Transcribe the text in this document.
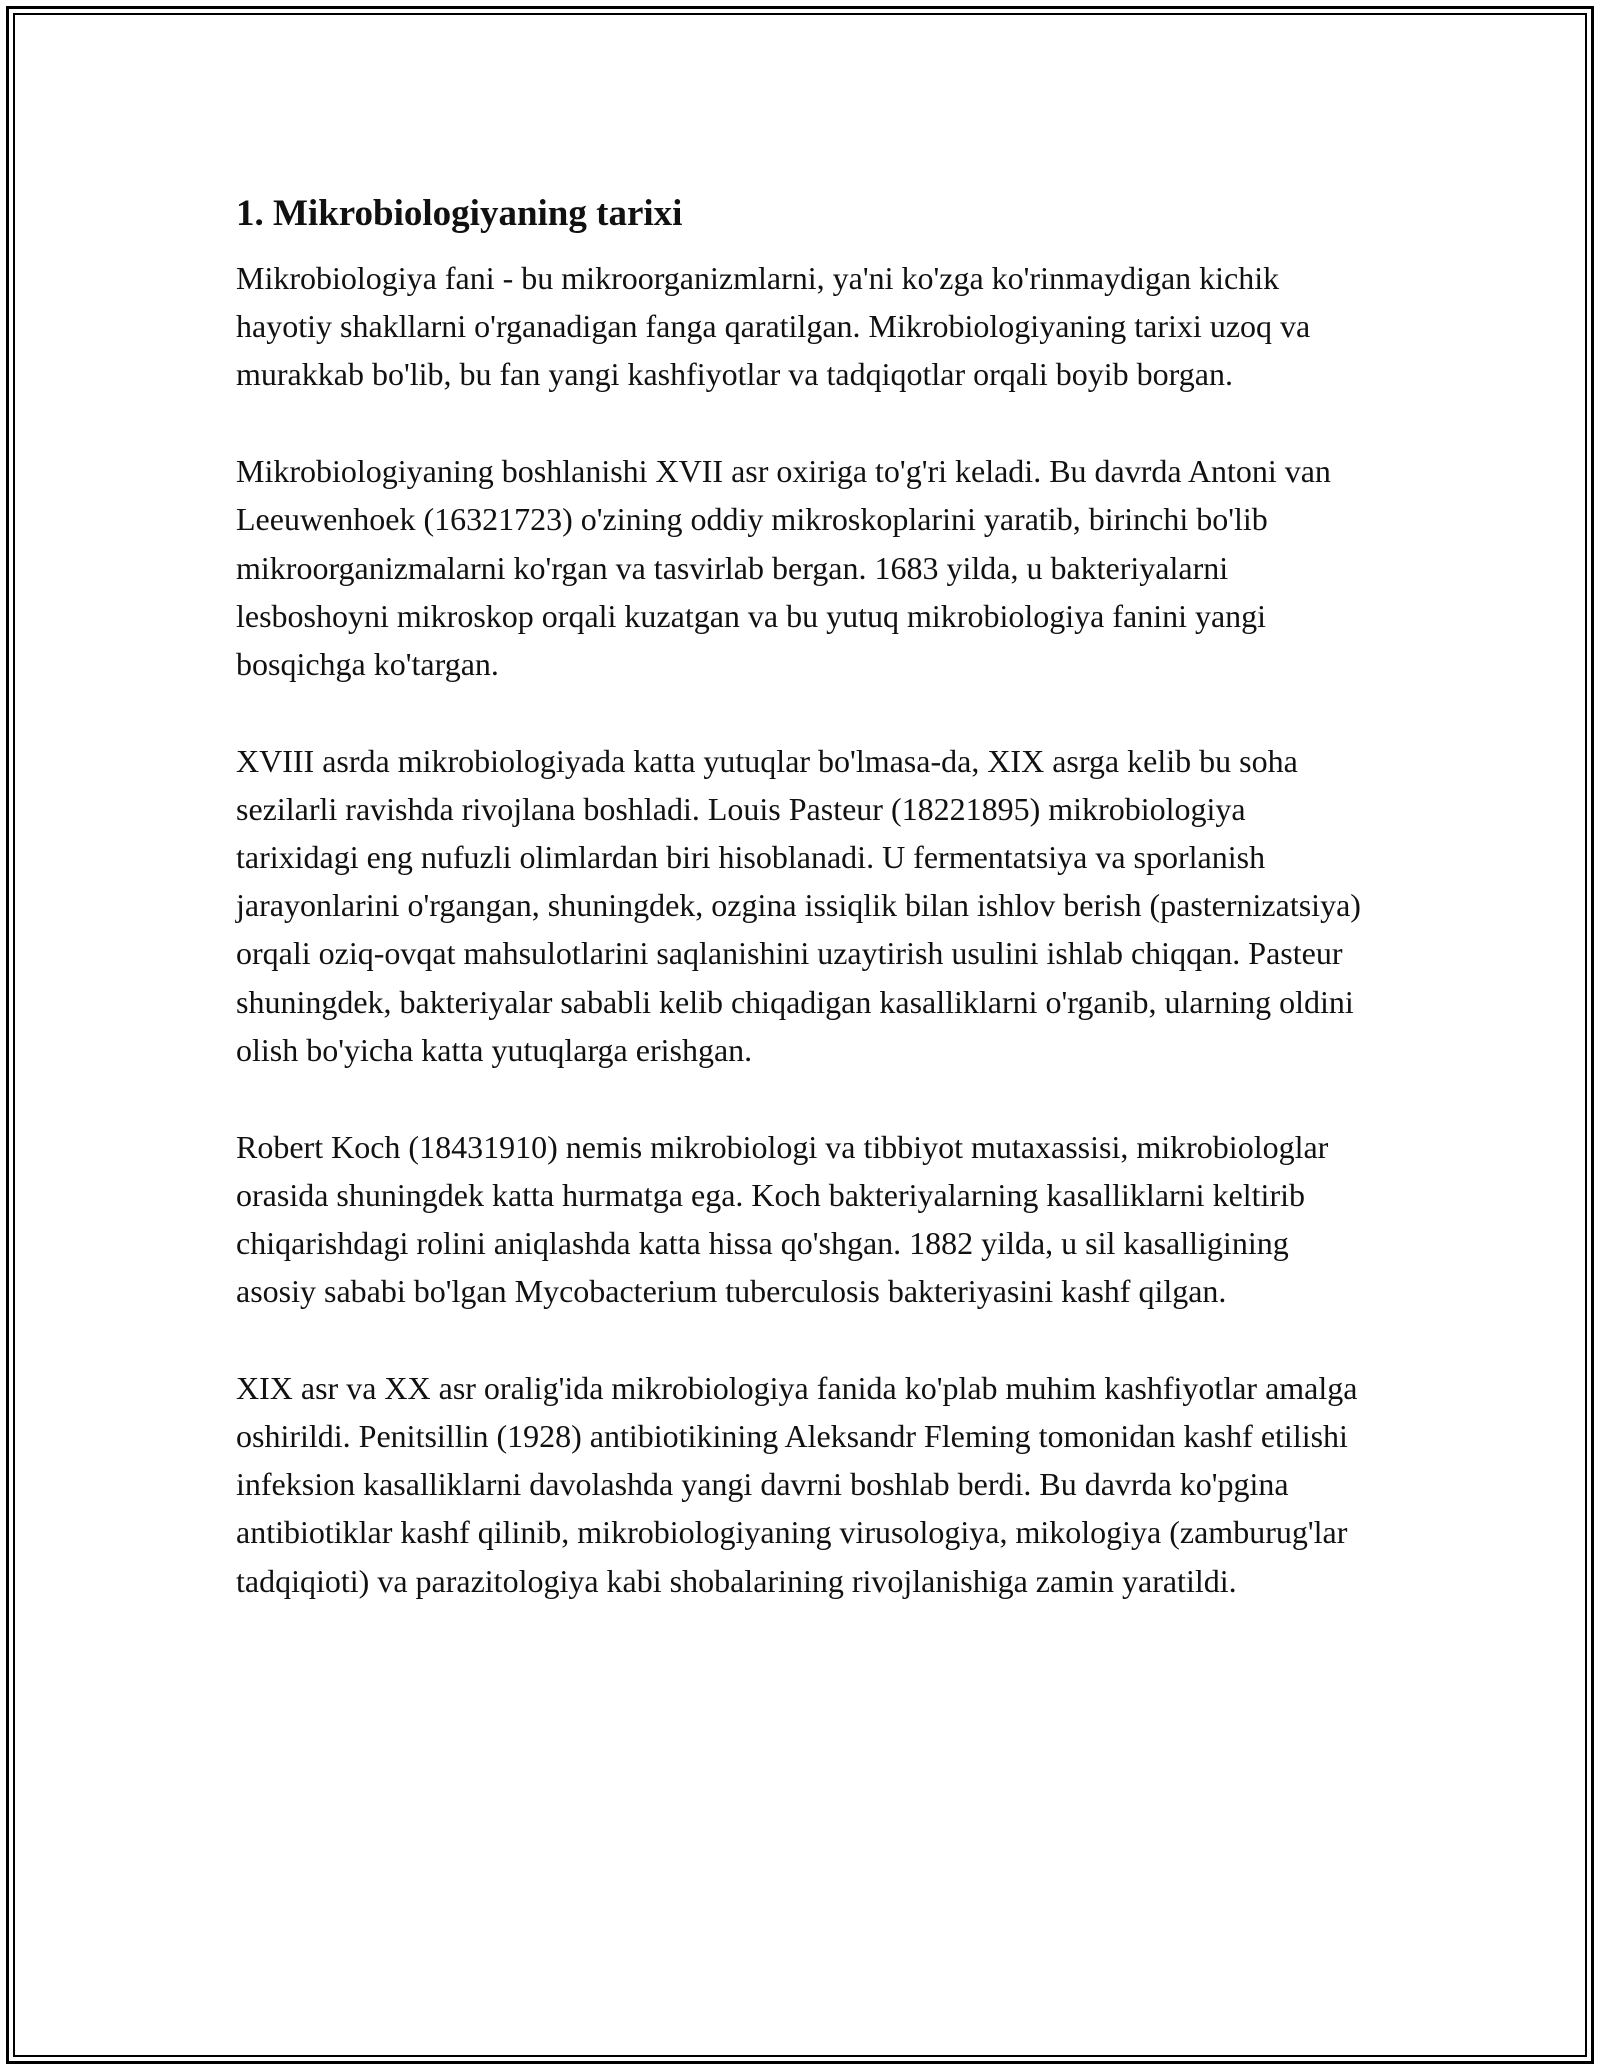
1. Mikrobiologiyaning tarixi

Mikrobiologiya fani - bu mikroorganizmlarni, ya'ni ko'zga ko'rinmaydigan kichik hayotiy shakllarni o'rganadigan fanga qaratilgan. Mikrobiologiyaning tarixi uzoq va murakkab bo'lib, bu fan yangi kashfiyotlar va tadqiqotlar orqali boyib borgan.

Mikrobiologiyaning boshlanishi XVII asr oxiriga to'g'ri keladi. Bu davrda Antoni van Leeuwenhoek (16321723) o'zining oddiy mikroskoplarini yaratib, birinchi bo'lib mikroorganizmalarni ko'rgan va tasvirlab bergan. 1683 yilda, u bakteriyalarni lesboshoyni mikroskop orqali kuzatgan va bu yutuq mikrobiologiya fanini yangi bosqichga ko'targan.

XVIII asrda mikrobiologiyada katta yutuqlar bo'lmasa-da, XIX asrga kelib bu soha sezilarli ravishda rivojlana boshladi. Louis Pasteur (18221895) mikrobiologiya tarixidagi eng nufuzli olimlardan biri hisoblanadi. U fermentatsiya va sporlanish jarayonlarini o'rgangan, shuningdek, ozgina issiqlik bilan ishlov berish (pasternizatsiya) orqali oziq-ovqat mahsulotlarini saqlanishini uzaytirish usulini ishlab chiqqan. Pasteur shuningdek, bakteriyalar sababli kelib chiqadigan kasalliklarni o'rganib, ularning oldini olish bo'yicha katta yutuqlarga erishgan.

Robert Koch (18431910) nemis mikrobiologi va tibbiyot mutaxassisi, mikrobiologlar orasida shuningdek katta hurmatga ega. Koch bakteriyalarning kasalliklarni keltirib chiqarishdagi rolini aniqlashda katta hissa qo'shgan. 1882 yilda, u sil kasalligining asosiy sababi bo'lgan Mycobacterium tuberculosis bakteriyasini kashf qilgan.

XIX asr va XX asr oralig'ida mikrobiologiya fanida ko'plab muhim kashfiyotlar amalga oshirildi. Penitsillin (1928) antibiotikining Aleksandr Fleming tomonidan kashf etilishi infeksion kasalliklarni davolashda yangi davrni boshlab berdi. Bu davrda ko'pgina antibiotiklar kashf qilinib, mikrobiologiyaning virusologiya, mikologiya (zamburug'lar tadqiqioti) va parazitologiya kabi shobalarining rivojlanishiga zamin yaratildi.
